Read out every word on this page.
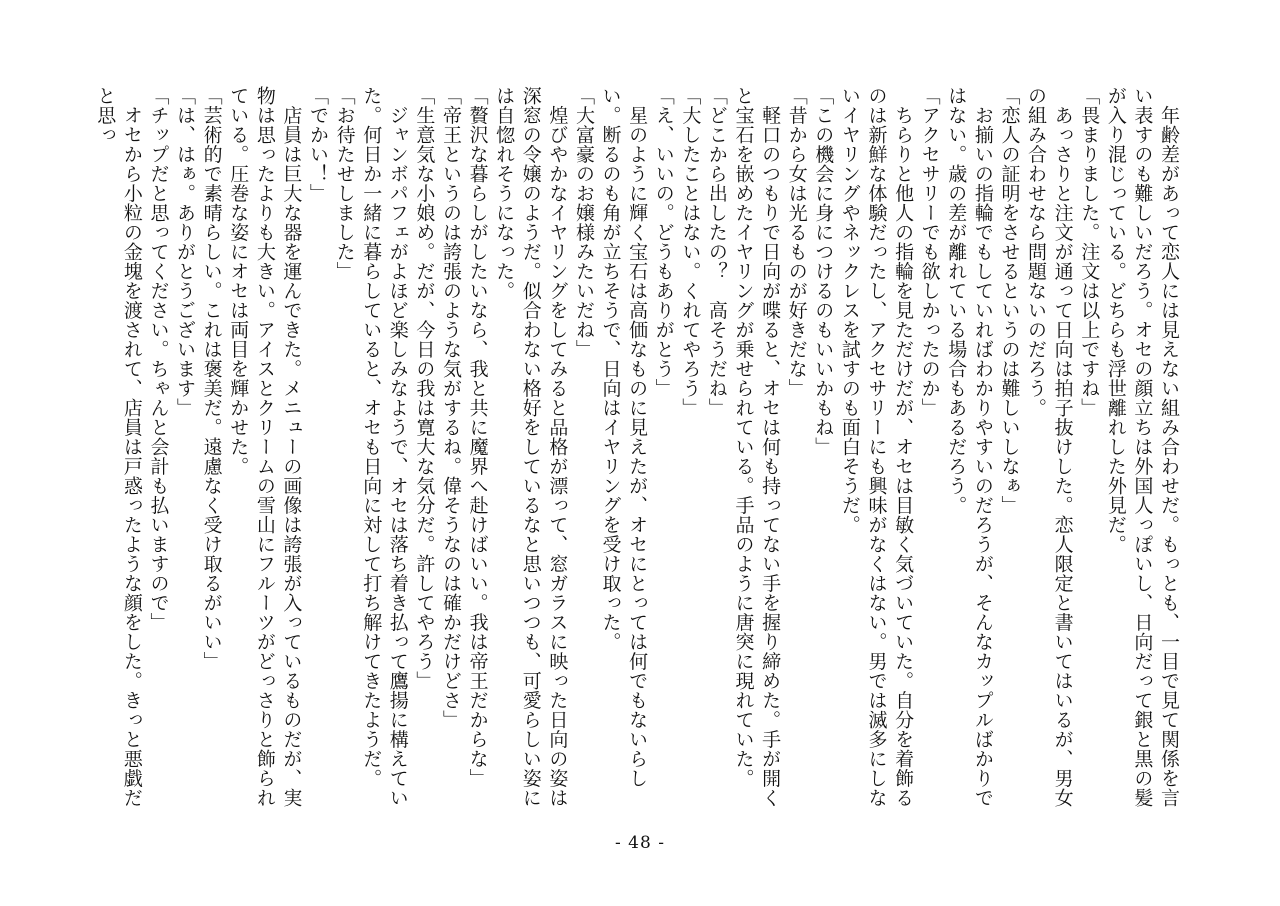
　年齢差があって恋人には見えない組み合わせだ。もっとも、一目で見て関係を言い表すのも難しいだろう。オセの顔立ちは外国人っぽいし、日向だって銀と黒の髪が入り混じっている。どちらも浮世離れした外見だ。

「畏まりました。注文は以上ですね」

　あっさりと注文が通って日向は拍子抜けした。恋人限定と書いてはいるが、男女の組み合わせなら問題ないのだろう。

「恋人の証明をさせるというのは難しいしなぁ」

　お揃いの指輪でもしていればわかりやすいのだろうが、そんなカップルばかりではない。歳の差が離れている場合もあるだろう。

「アクセサリーでも欲しかったのか」

　ちらりと他人の指輪を見ただけだが、オセは目敏く気づいていた。自分を着飾るのは新鮮な体験だったし、アクセサリーにも興味がなくはない。男では滅多にしないイヤリングやネックレスを試すのも面白そうだ。

「この機会に身につけるのもいいかもね」

「昔から女は光るものが好きだな」

　軽口のつもりで日向が喋ると、オセは何も持ってない手を握り締めた。手が開くと宝石を嵌めたイヤリングが乗せられている。手品のように唐突に現れていた。

「どこから出したの？　高そうだね」

「大したことはない。くれてやろう」

「え、いいの。どうもありがとう」

　星のように輝く宝石は高価なものに見えたが、オセにとっては何でもないらしい。断るのも角が立ちそうで、日向はイヤリングを受け取った。

「大富豪のお嬢様みたいだね」

　煌びやかなイヤリングをしてみると品格が漂って、窓ガラスに映った日向の姿は深窓の令嬢のようだ。似合わない格好をしているなと思いつつも、可愛らしい姿には自惚れそうになった。

「贅沢な暮らしがしたいなら、我と共に魔界へ赴けばいい。我は帝王だからな」

「帝王というのは誇張のような気がするね。偉そうなのは確かだけどさ」

「生意気な小娘め。だが、今日の我は寛大な気分だ。許してやろう」

　ジャンボパフェがよほど楽しみなようで、オセは落ち着き払って鷹揚に構えていた。何日か一緒に暮らしていると、オセも日向に対して打ち解けてきたようだ。

「お待たせしました」

「でかい！」

　店員は巨大な器を運んできた。メニューの画像は誇張が入っているものだが、実物は思ったよりも大きい。アイスとクリームの雪山にフルーツがどっさりと飾られている。圧巻な姿にオセは両目を輝かせた。

「芸術的で素晴らしい。これは褒美だ。遠慮なく受け取るがいい」

「は、はぁ。ありがとうございます」

「チップだと思ってください。ちゃんと会計も払いますので」

　オセから小粒の金塊を渡されて、店員は戸惑ったような顔をした。きっと悪戯だと思っ

- 48 -
